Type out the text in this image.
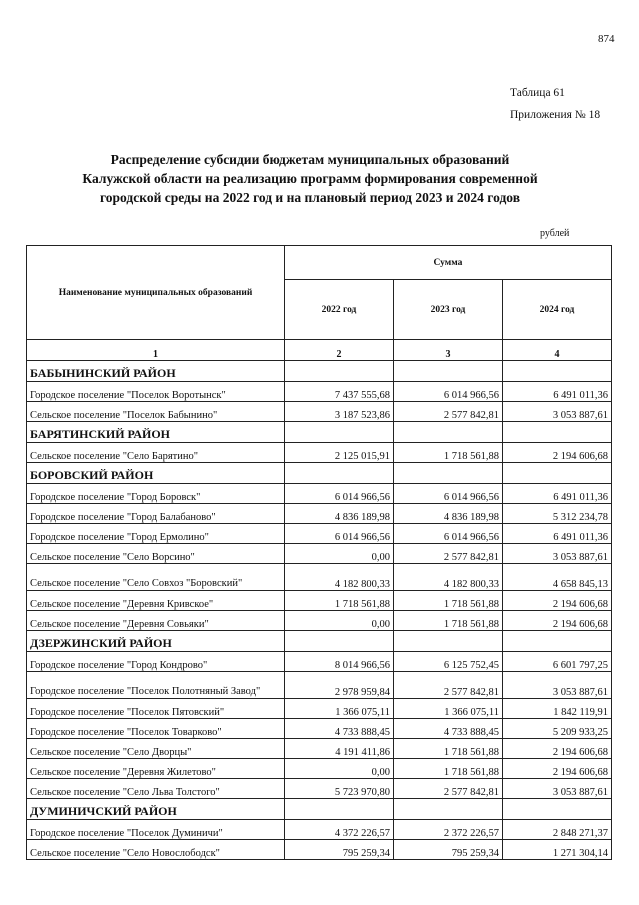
874
Таблица 61
Приложения № 18
Распределение субсидии бюджетам муниципальных образований
Калужской области на реализацию программ формирования современной
городской среды на 2022 год и на плановый период 2023 и 2024 годов
рублей
Наименование муниципальных образований	Сумма		
	2022 год	2023 год	2024 год
1	2	3	4
БАБЫНИНСКИЙ РАЙОН			
Городское поселение "Поселок Воротынск"	7 437 555,68	6 014 966,56	6 491 011,36
Сельское поселение "Поселок Бабынино"	3 187 523,86	2 577 842,81	3 053 887,61
БАРЯТИНСКИЙ РАЙОН			
Сельское поселение "Село Барятино"	2 125 015,91	1 718 561,88	2 194 606,68
БОРОВСКИЙ РАЙОН			
Городское поселение "Город Боровск"	6 014 966,56	6 014 966,56	6 491 011,36
Городское поселение "Город Балабаново"	4 836 189,98	4 836 189,98	5 312 234,78
Городское поселение "Город Ермолино"	6 014 966,56	6 014 966,56	6 491 011,36
Сельское поселение "Село Ворсино"	0,00	2 577 842,81	3 053 887,61
Сельское поселение "Село Совхоз "Боровский"	4 182 800,33	4 182 800,33	4 658 845,13
Сельское поселение "Деревня Кривское"	1 718 561,88	1 718 561,88	2 194 606,68
Сельское поселение "Деревня Совьяки"	0,00	1 718 561,88	2 194 606,68
ДЗЕРЖИНСКИЙ РАЙОН			
Городское поселение "Город Кондрово"	8 014 966,56	6 125 752,45	6 601 797,25
Городское поселение "Поселок Полотняный Завод"	2 978 959,84	2 577 842,81	3 053 887,61
Городское поселение "Поселок Пятовский"	1 366 075,11	1 366 075,11	1 842 119,91
Городское поселение "Поселок Товарково"	4 733 888,45	4 733 888,45	5 209 933,25
Сельское поселение "Село Дворцы"	4 191 411,86	1 718 561,88	2 194 606,68
Сельское поселение "Деревня Жилетово"	0,00	1 718 561,88	2 194 606,68
Сельское поселение "Село Льва Толстого"	5 723 970,80	2 577 842,81	3 053 887,61
ДУМИНИЧСКИЙ РАЙОН			
Городское поселение "Поселок Думиничи"	4 372 226,57	2 372 226,57	2 848 271,37
Сельское поселение "Село Новослободск"	795 259,34	795 259,34	1 271 304,14
